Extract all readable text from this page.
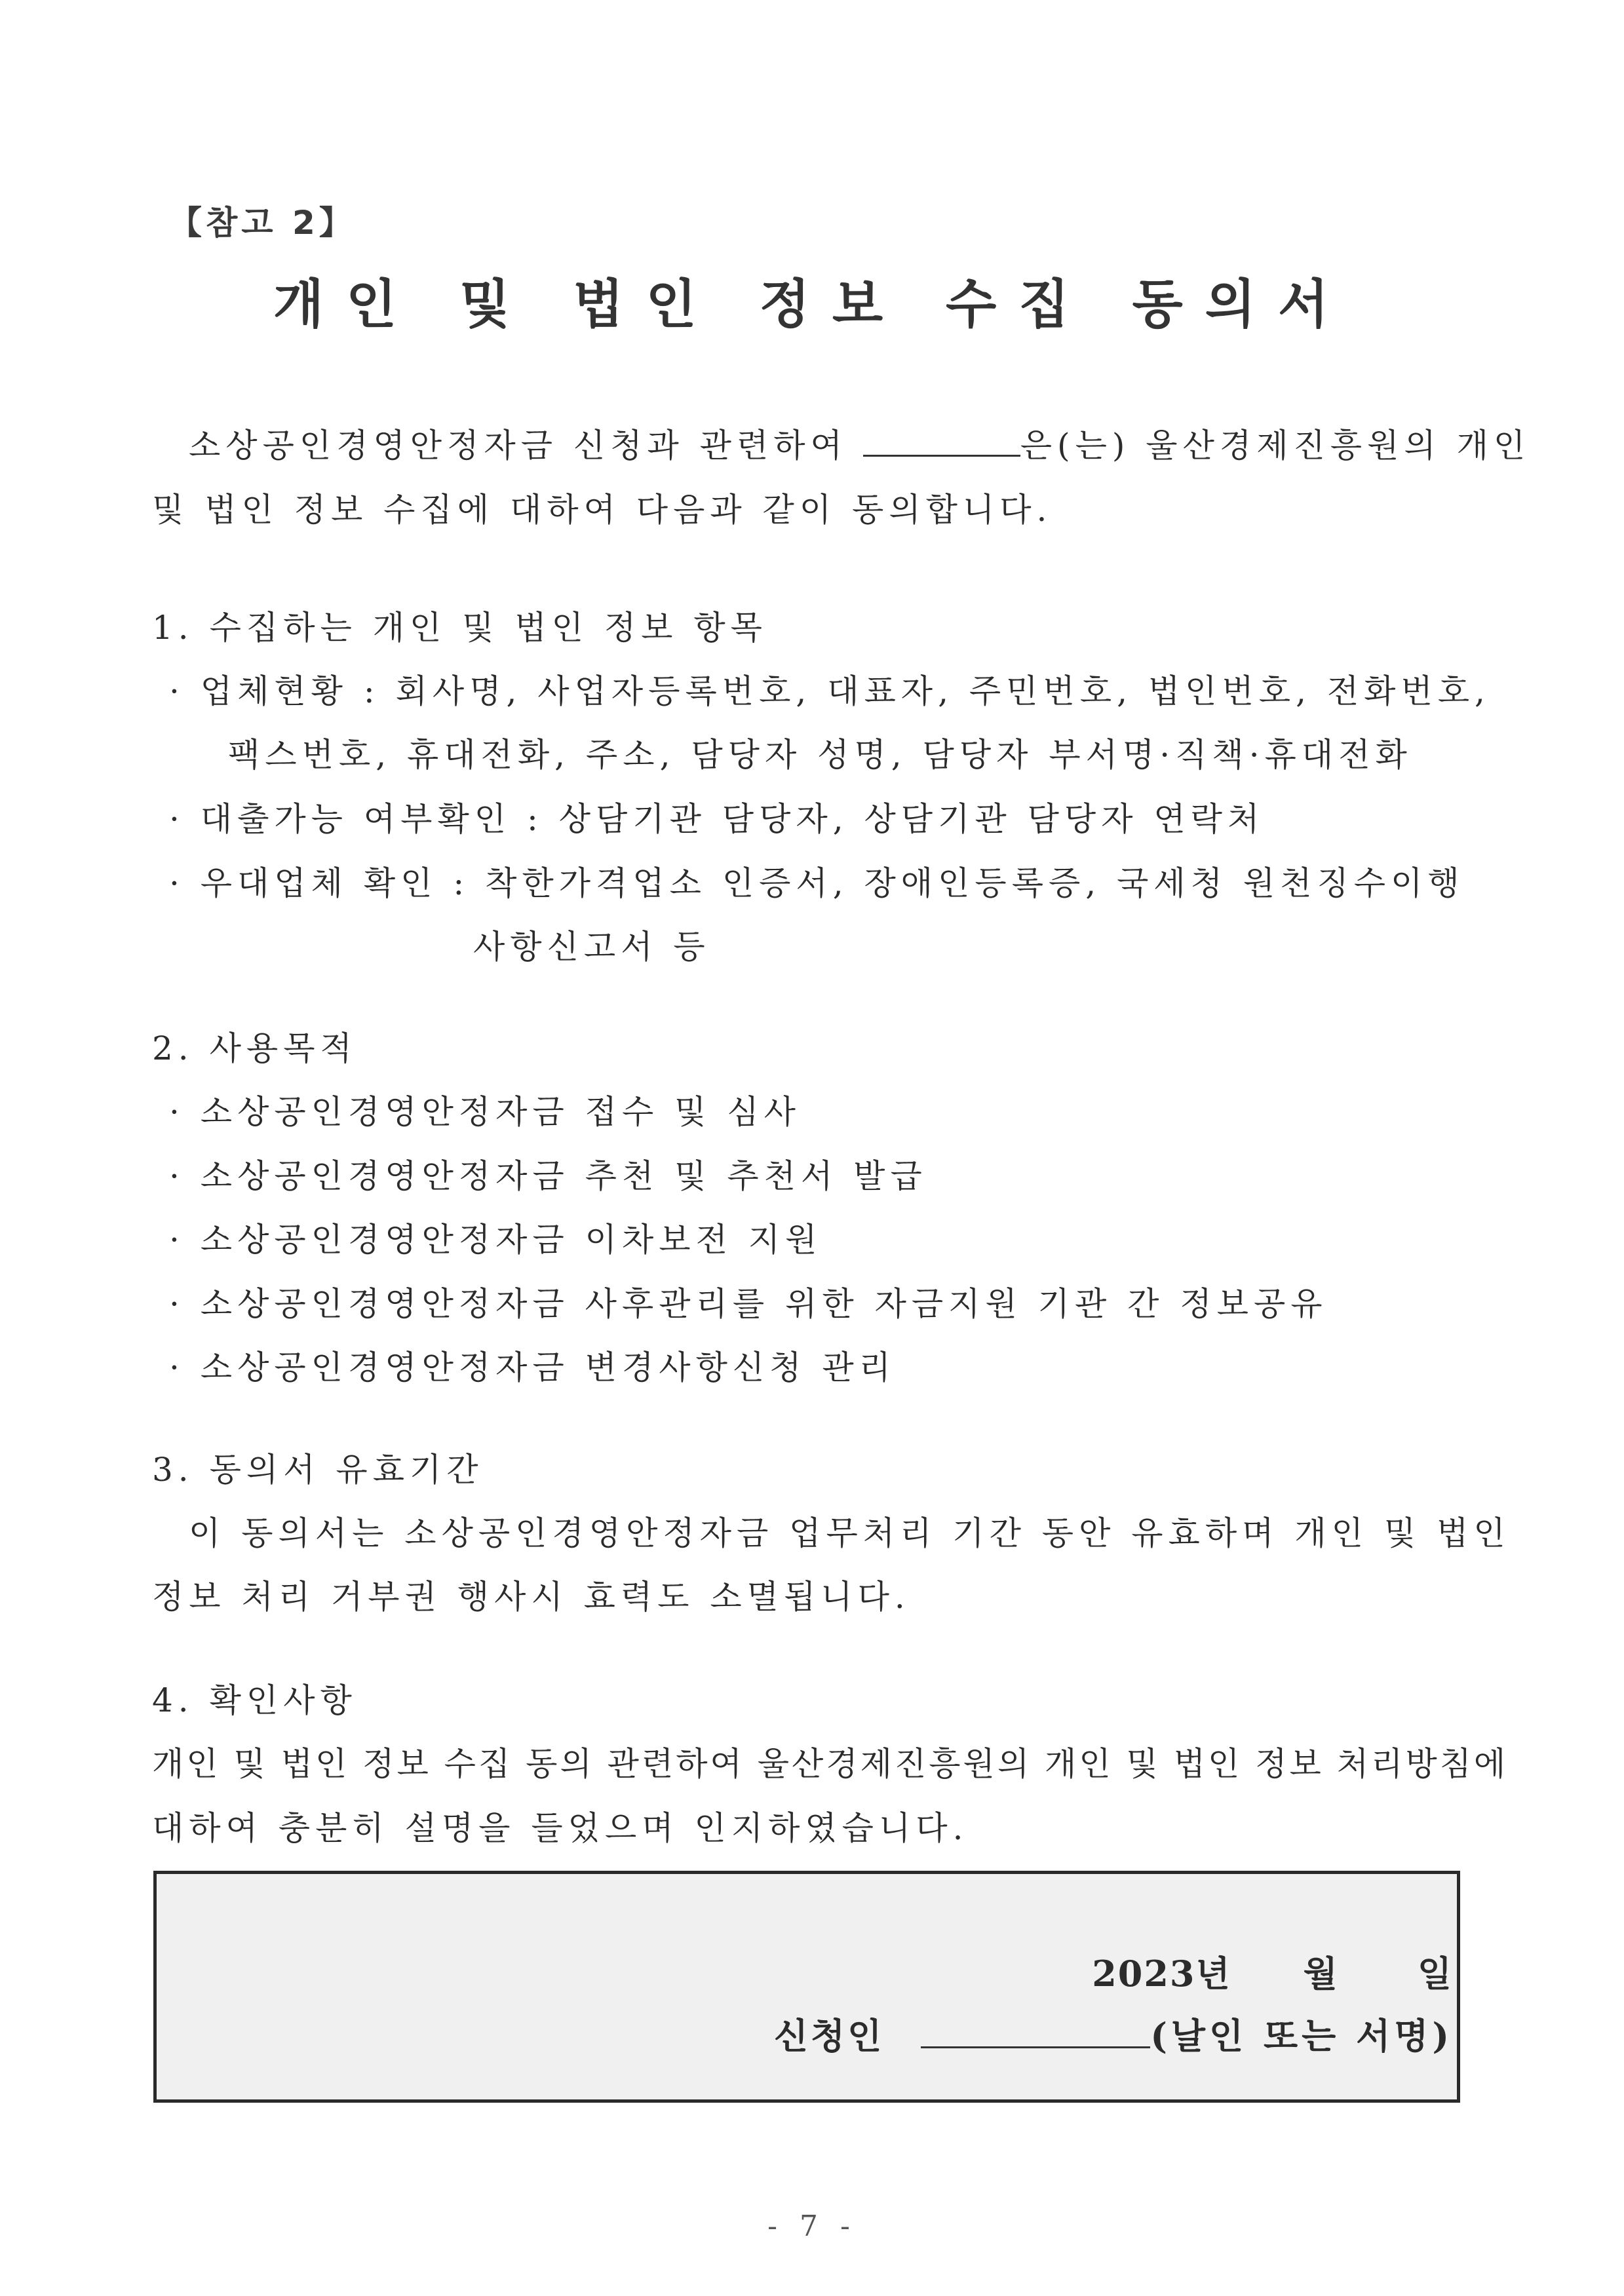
【참고 2】
개인 및 법인 정보 수집 동의서
소상공인경영안정자금 신청과 관련하여	은(는) 울산경제진흥원의 개인
및 법인 정보 수집에 대하여 다음과 같이 동의합니다.
1. 수집하는 개인 및 법인 정보 항목
· 업체현황 : 회사명, 사업자등록번호, 대표자, 주민번호, 법인번호, 전화번호,
팩스번호, 휴대전화, 주소, 담당자 성명, 담당자 부서명·직책·휴대전화
· 대출가능 여부확인 : 상담기관 담당자, 상담기관 담당자 연락처
· 우대업체 확인 : 착한가격업소 인증서, 장애인등록증, 국세청 원천징수이행
사항신고서 등
2. 사용목적
· 소상공인경영안정자금 접수 및 심사
· 소상공인경영안정자금 추천 및 추천서 발급
· 소상공인경영안정자금 이차보전 지원
· 소상공인경영안정자금 사후관리를 위한 자금지원 기관 간 정보공유
· 소상공인경영안정자금 변경사항신청 관리
3. 동의서 유효기간
이 동의서는 소상공인경영안정자금 업무처리 기간 동안 유효하며 개인 및 법인
정보 처리 거부권 행사시 효력도 소멸됩니다.
4. 확인사항
개인 및 법인 정보 수집 동의 관련하여 울산경제진흥원의 개인 및 법인 정보 처리방침에
대하여 충분히 설명을 들었으며 인지하였습니다.
2023년 월 일
신청인	(날인 또는 서명)
- 7 -
